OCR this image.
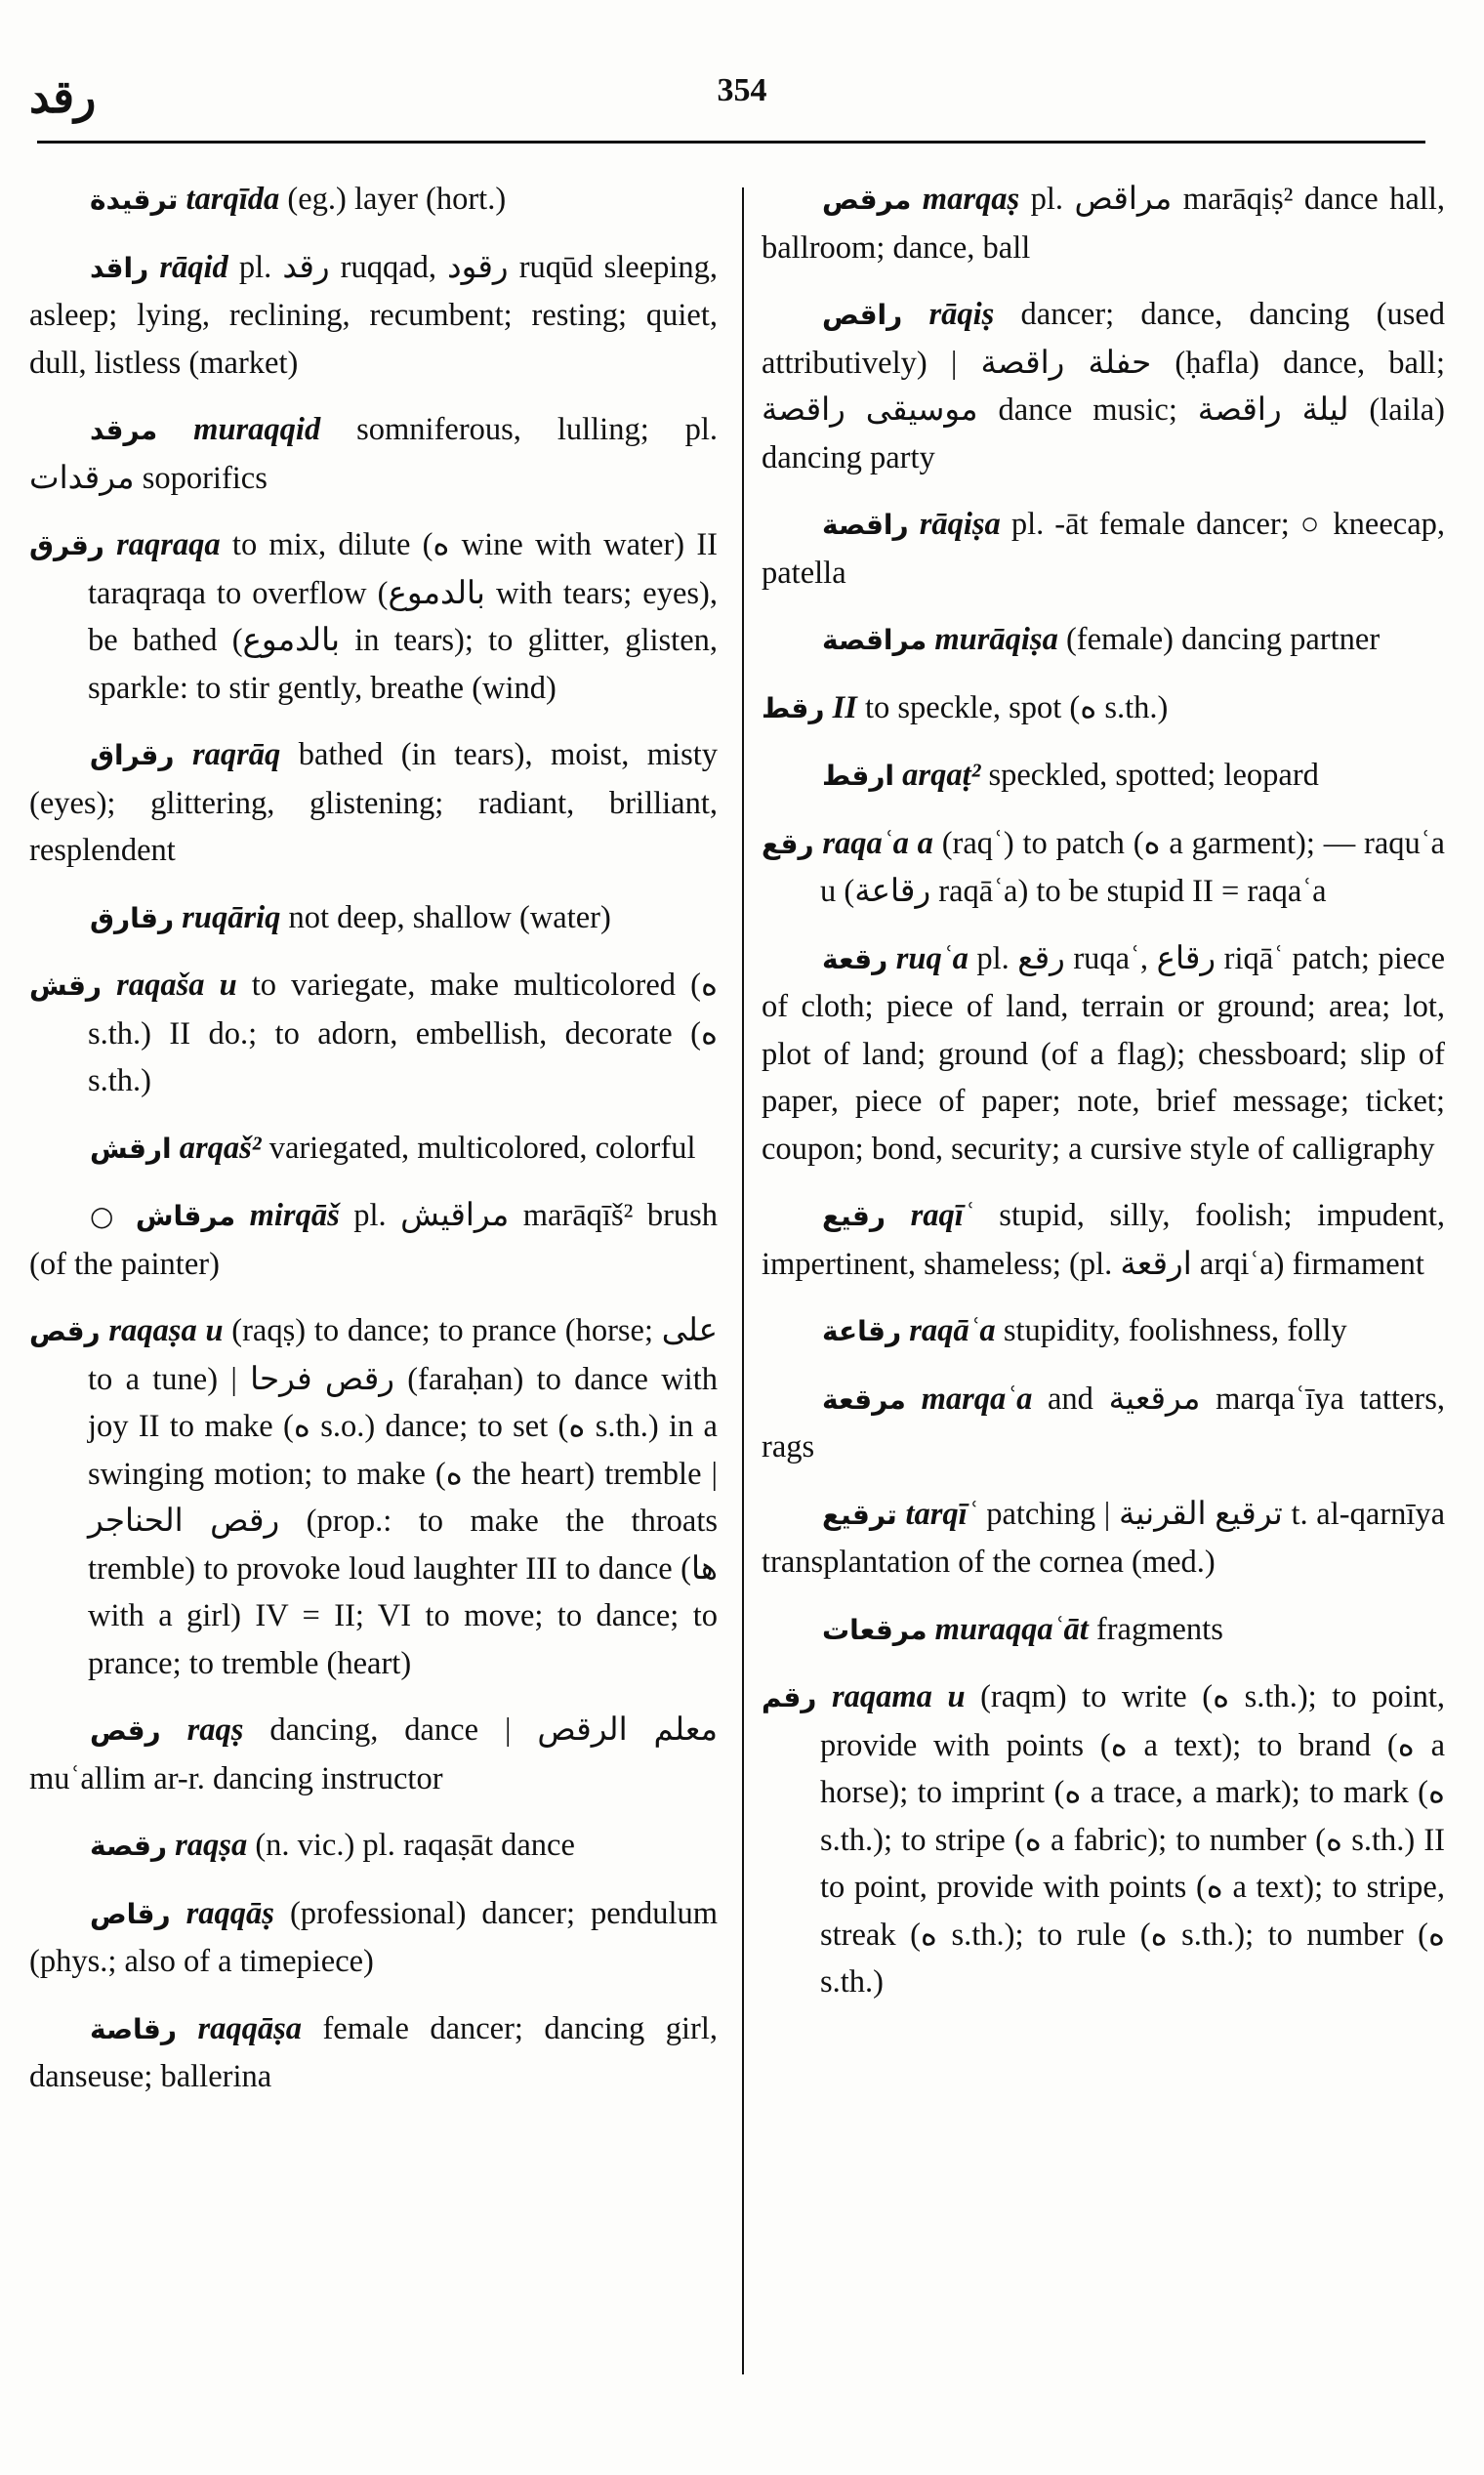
رقد	354

ترقيدة tarqīda (eg.) layer (hort.)

راقد rāqid pl. رقد ruqqad, رقود ruqūd sleeping, asleep; lying, reclining, recumbent; resting; quiet, dull, listless (market)

مرقد muraqqid somniferous, lulling; pl. مرقدات soporifics

رقرق raqraqa to mix, dilute (ه wine with water) II taraqraqa to overflow (بالدموع with tears; eyes), be bathed (بالدموع in tears); to glitter, glisten, sparkle: to stir gently, breathe (wind)

رقراق raqrāq bathed (in tears), moist, misty (eyes); glittering, glistening; radiant, brilliant, resplendent

رقارق ruqāriq not deep, shallow (water)

رقش raqaša u to variegate, make multicolored (ه s.th.) II do.; to adorn, embellish, decorate (ه s.th.)

ارقش arqaš² variegated, multicolored, colorful

○ مرقاش mirqāš pl. مراقيش marāqīš² brush (of the painter)

رقص raqaṣa u (raqṣ) to dance; to prance (horse; على to a tune) | رقص فرحا (faraḥan) to dance with joy II to make (ه s.o.) dance; to set (ه s.th.) in a swinging motion; to make (ه the heart) tremble | رقص الحناجر (prop.: to make the throats tremble) to provoke loud laughter III to dance (ها with a girl) IV = II; VI to move; to dance; to prance; to tremble (heart)

رقص raqṣ dancing, dance | معلم الرقص muʿallim ar-r. dancing instructor

رقصة raqṣa (n. vic.) pl. raqaṣāt dance

رقاص raqqāṣ (professional) dancer; pendulum (phys.; also of a timepiece)

رقاصة raqqāṣa female dancer; dancing girl, danseuse; ballerina

مرقص marqaṣ pl. مراقص marāqiṣ² dance hall, ballroom; dance, ball

راقص rāqiṣ dancer; dance, dancing (used attributively) | حفلة راقصة (ḥafla) dance, ball; موسيقى راقصة dance music; ليلة راقصة (laila) dancing party

راقصة rāqiṣa pl. -āt female dancer; ○ kneecap, patella

مراقصة murāqiṣa (female) dancing partner

رقط II to speckle, spot (ه s.th.)

ارقط arqaṭ² speckled, spotted; leopard

رقع raqaʿa a (raqʿ) to patch (ه a garment); — raquʿa u (رقاعة raqāʿa) to be stupid II = raqaʿa

رقعة ruqʿa pl. رقع ruqaʿ, رقاع riqāʿ patch; piece of cloth; piece of land, terrain or ground; area; lot, plot of land; ground (of a flag); chessboard; slip of paper, piece of paper; note, brief message; ticket; coupon; bond, security; a cursive style of calligraphy

رقيع raqīʿ stupid, silly, foolish; impudent, impertinent, shameless; (pl. ارقعة arqiʿa) firmament

رقاعة raqāʿa stupidity, foolishness, folly

مرقعة marqaʿa and مرقعية marqaʿīya tatters, rags

ترقيع tarqīʿ patching | ترقيع القرنية t. al-qarnīya transplantation of the cornea (med.)

مرقعات muraqqaʿāt fragments

رقم raqama u (raqm) to write (ه s.th.); to point, provide with points (ه a text); to brand (ه a horse); to imprint (ه a trace, a mark); to mark (ه s.th.); to stripe (ه a fabric); to number (ه s.th.) II to point, provide with points (ه a text); to stripe, streak (ه s.th.); to rule (ه s.th.); to number (ه s.th.)
